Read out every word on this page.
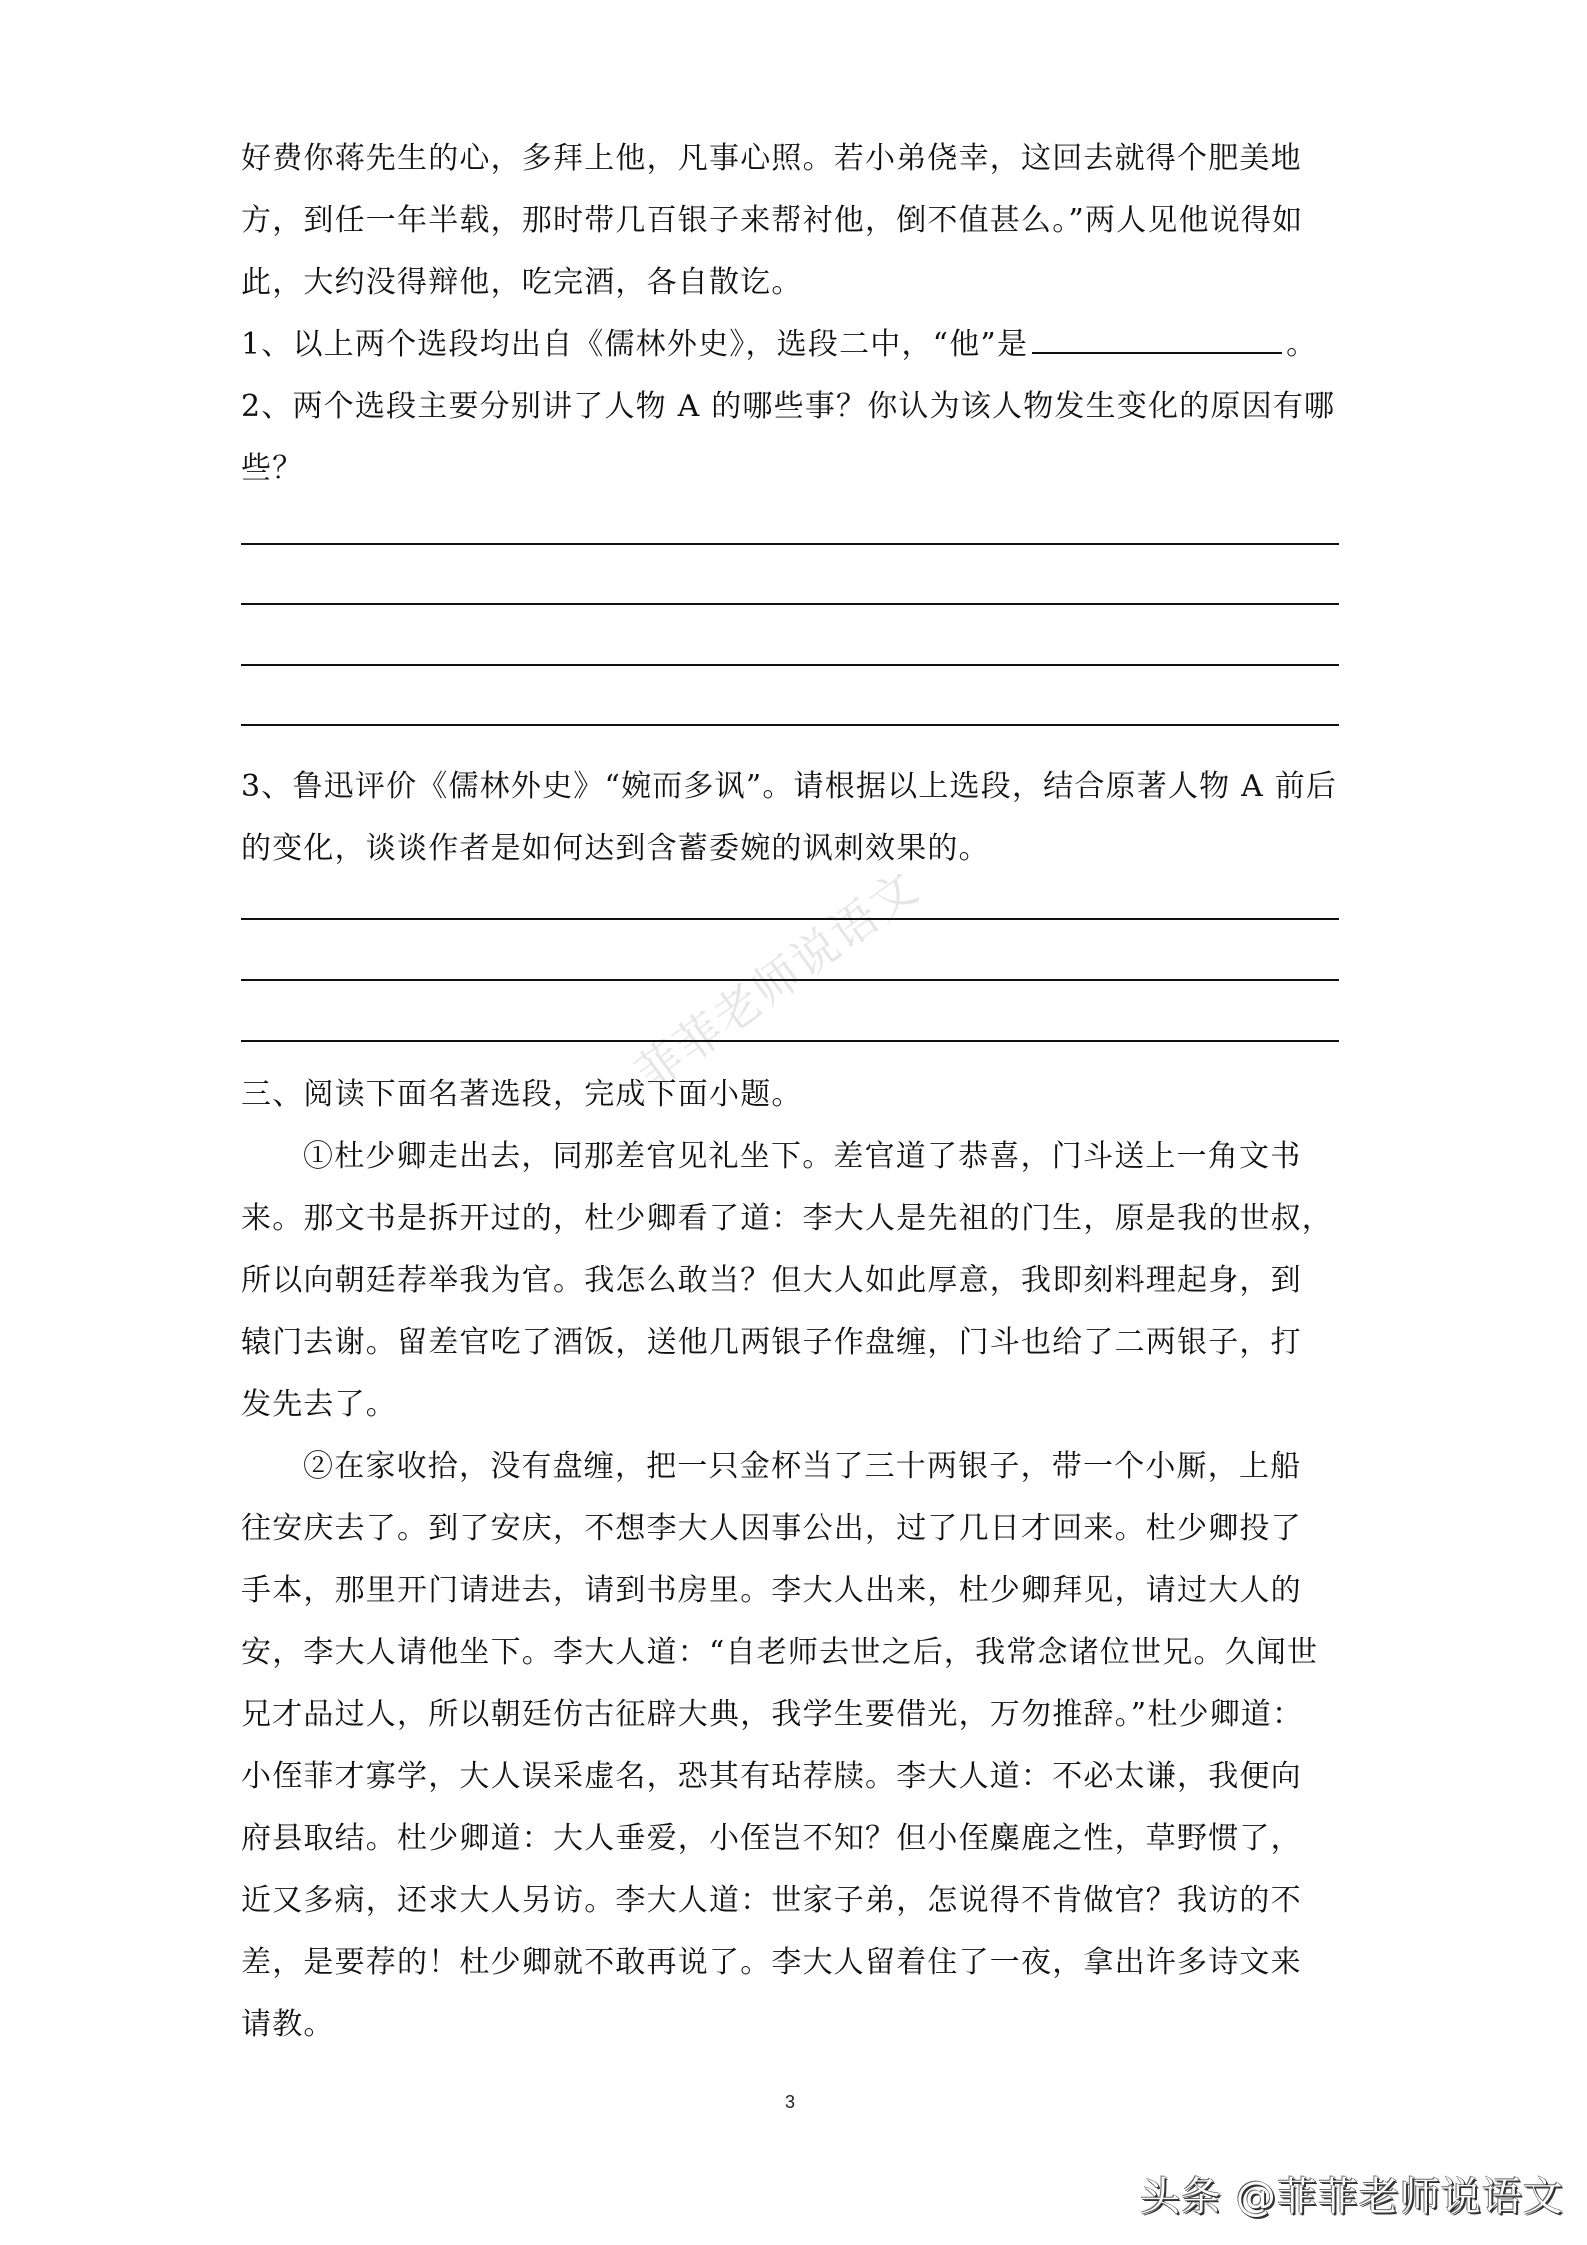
菲菲老师说语文
好费你蒋先生的心，多拜上他，凡事心照。若小弟侥幸，这回去就得个肥美地
方，到任一年半载，那时带几百银子来帮衬他，倒不值甚么。”两人见他说得如
此，大约没得辩他，吃完酒，各自散讫。
1、以上两个选段均出自《儒林外史》，选段二中，“他”是	。
2、两个选段主要分别讲了人物 A 的哪些事？你认为该人物发生变化的原因有哪
些？
3、鲁迅评价《儒林外史》“婉而多讽”。请根据以上选段，结合原著人物 A 前后
的变化，谈谈作者是如何达到含蓄委婉的讽刺效果的。
三、阅读下面名著选段，完成下面小题。
①杜少卿走出去，同那差官见礼坐下。差官道了恭喜，门斗送上一角文书
来。那文书是拆开过的，杜少卿看了道：李大人是先祖的门生，原是我的世叔，
所以向朝廷荐举我为官。我怎么敢当？但大人如此厚意，我即刻料理起身，到
辕门去谢。留差官吃了酒饭，送他几两银子作盘缠，门斗也给了二两银子，打
发先去了。
②在家收拾，没有盘缠，把一只金杯当了三十两银子，带一个小厮，上船
往安庆去了。到了安庆，不想李大人因事公出，过了几日才回来。杜少卿投了
手本，那里开门请进去，请到书房里。李大人出来，杜少卿拜见，请过大人的
安，李大人请他坐下。李大人道：“自老师去世之后，我常念诸位世兄。久闻世
兄才品过人，所以朝廷仿古征辟大典，我学生要借光，万勿推辞。”杜少卿道：
小侄菲才寡学，大人误采虚名，恐其有玷荐牍。李大人道：不必太谦，我便向
府县取结。杜少卿道：大人垂爱，小侄岂不知？但小侄麋鹿之性，草野惯了，
近又多病，还求大人另访。李大人道：世家子弟，怎说得不肯做官？我访的不
差，是要荐的！杜少卿就不敢再说了。李大人留着住了一夜，拿出许多诗文来
请教。
3
头条 @菲菲老师说语文
